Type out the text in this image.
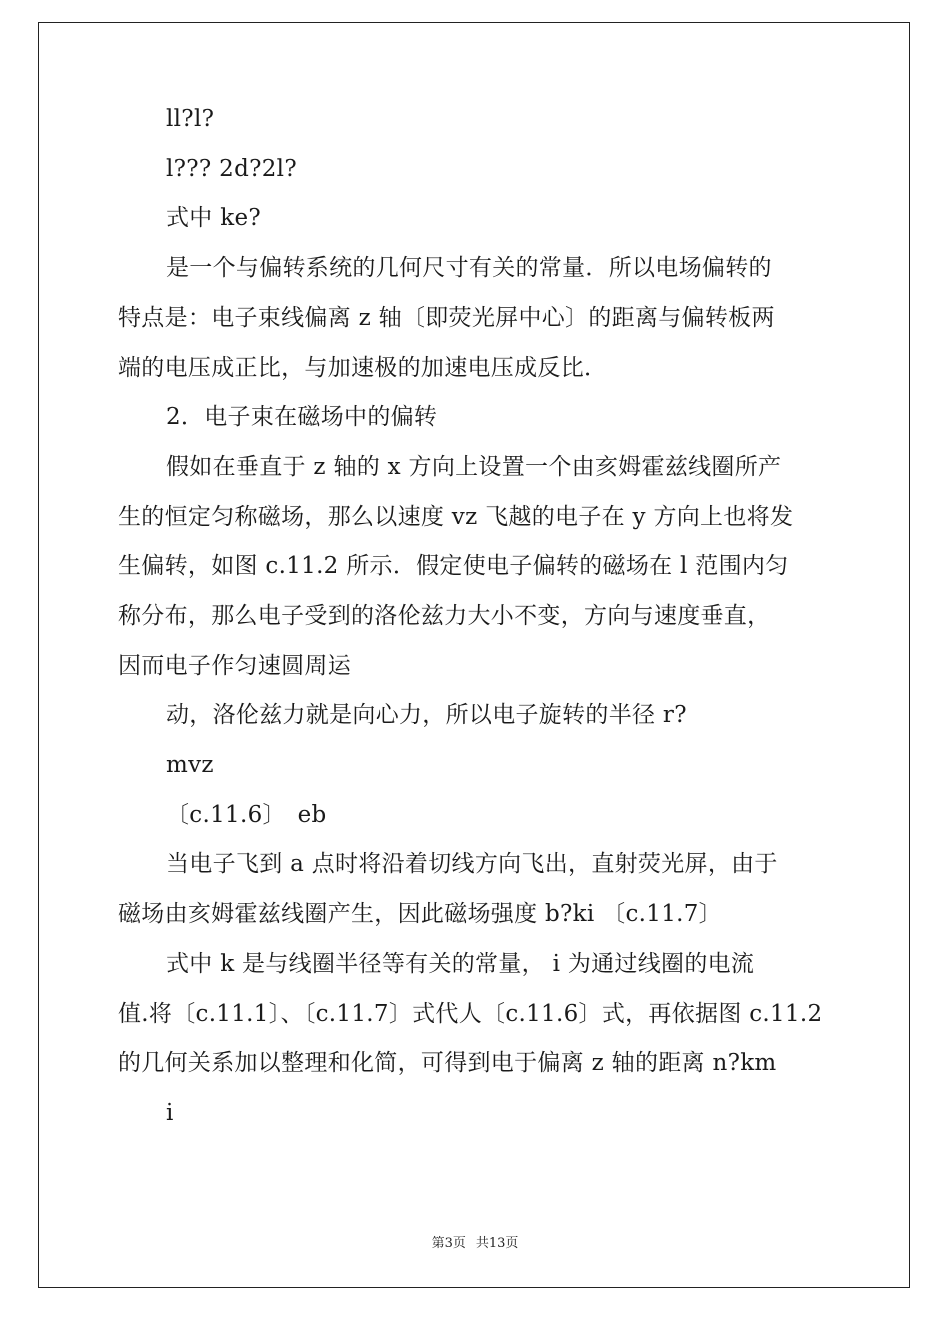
ll?l?
l??? 2d?2l?
式中 ke?
是一个与偏转系统的几何尺寸有关的常量．所以电场偏转的
特点是：电子束线偏离 z 轴〔即荧光屏中心〕的距离与偏转板两
端的电压成正比，与加速极的加速电压成反比．
2．电子束在磁场中的偏转
假如在垂直于 z 轴的 x 方向上设置一个由亥姆霍兹线圈所产
生的恒定匀称磁场，那么以速度 vz 飞越的电子在 y 方向上也将发
生偏转，如图 c.11.2 所示．假定使电子偏转的磁场在 l 范围内匀
称分布，那么电子受到的洛伦兹力大小不变，方向与速度垂直，
因而电子作匀速圆周运
动，洛伦兹力就是向心力，所以电子旋转的半径 r?
mvz
〔c.11.6〕　eb
当电子飞到 a 点时将沿着切线方向飞出，直射荧光屏，由于
磁场由亥姆霍兹线圈产生，因此磁场强度 b?ki 〔c.11.7〕
式中 k 是与线圈半径等有关的常量， i 为通过线圈的电流
值.将〔c.11.1〕、〔c.11.7〕式代人〔c.11.6〕式，再依据图 c.11.2
的几何关系加以整理和化简，可得到电于偏离 z 轴的距离 n?km
i
第3页 共13页
